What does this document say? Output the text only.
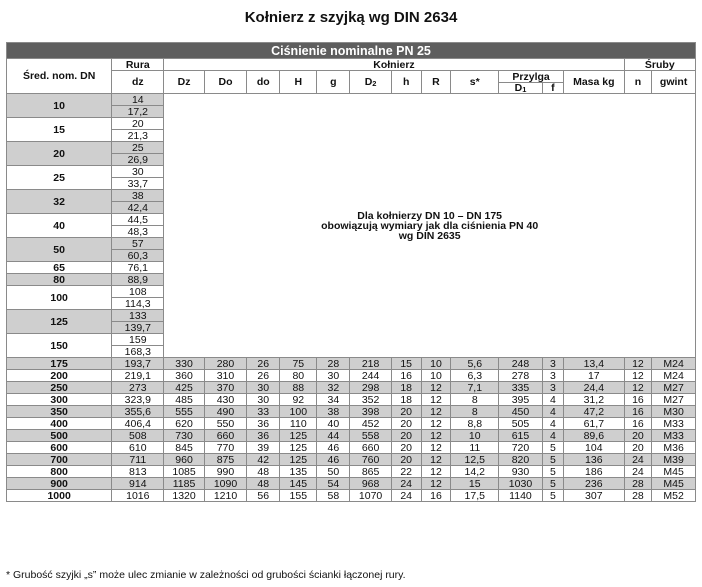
Kołnierz z szyjką wg DIN 2634
Ciśnienie nominalne PN 25															
Śred. nom. DN	Rura	Kołnierz												Śruby	
	dz	Dz	Do	do	H	g	$D_2$	h	R	s*	Przylga		Masa kg	n	gwint
											$D_1$	f			
10	14	Dla kołnierzy DN 10 – DN 175
obowiązują wymiary jak dla ciśnienia PN 40
wg DIN 2635													

	17,2														
15	20														
	21,3														
20	25														
	26,9														
25	30														
	33,7														
32	38														
	42,4														
40	44,5														
	48,3														
50	57														
	60,3														
65	76,1														
80	88,9														
100	108														
	114,3														
125	133														
	139,7														
150	159														
	168,3														
175	193,7	330	280	26	75	28	218	15	10	5,6	248	3	13,4	12	M24
200	219,1	360	310	26	80	30	244	16	10	6,3	278	3	17	12	M24
250	273	425	370	30	88	32	298	18	12	7,1	335	3	24,4	12	M27
300	323,9	485	430	30	92	34	352	18	12	8	395	4	31,2	16	M27
350	355,6	555	490	33	100	38	398	20	12	8	450	4	47,2	16	M30
400	406,4	620	550	36	110	40	452	20	12	8,8	505	4	61,7	16	M33
500	508	730	660	36	125	44	558	20	12	10	615	4	89,6	20	M33
600	610	845	770	39	125	46	660	20	12	11	720	5	104	20	M36
700	711	960	875	42	125	46	760	20	12	12,5	820	5	136	24	M39
800	813	1085	990	48	135	50	865	22	12	14,2	930	5	186	24	M45
900	914	1185	1090	48	145	54	968	24	12	15	1030	5	236	28	M45
1000	1016	1320	1210	56	155	58	1070	24	16	17,5	1140	5	307	28	M52
* Grubość szyjki „s” może ulec zmianie w zależności od grubości ścianki łączonej rury.
